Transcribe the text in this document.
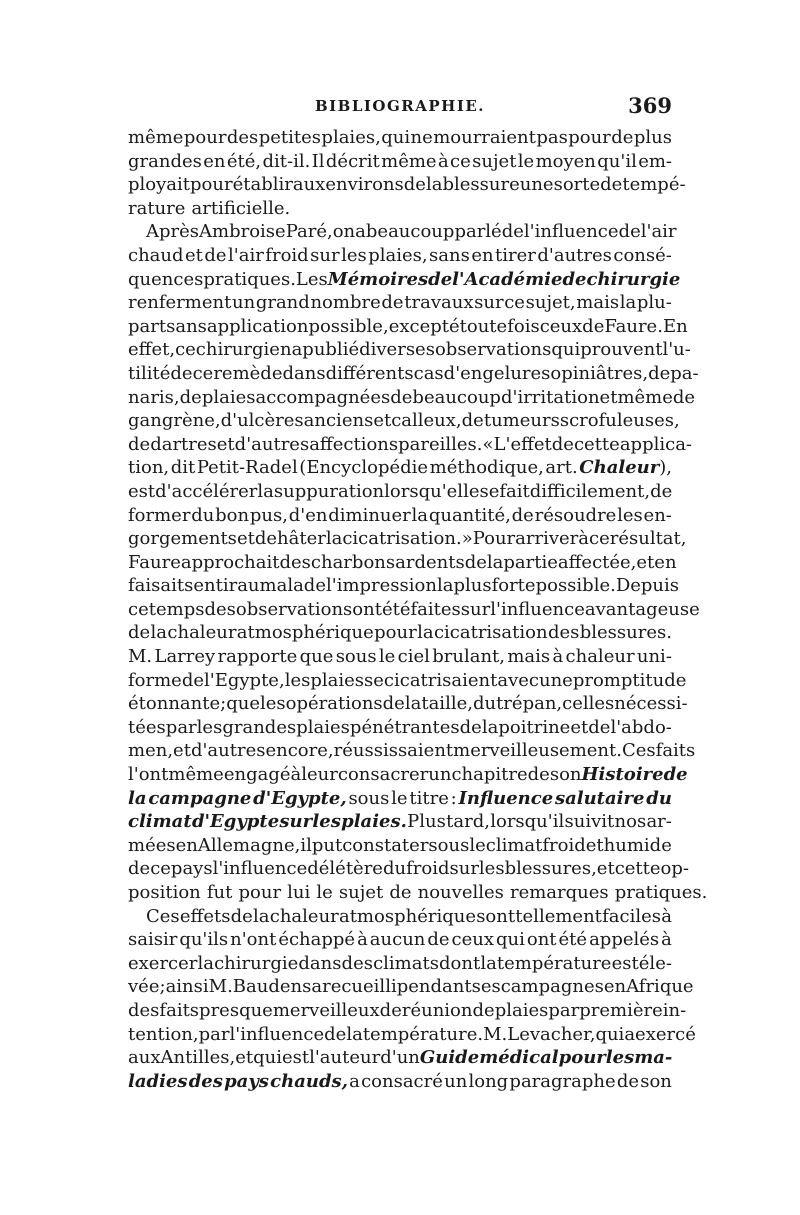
BIBLIOGRAPHIE.	369
même pour des petites plaies, qui ne mourraient pas pour de plus
grandes en été, dit-il. Il décrit même à ce sujet le moyen qu'il em-
ployait pour établir aux environs de la blessure une sorte de tempé-
rature artificielle.
Après Ambroise Paré, on a beaucoup parlé de l'influence de l'air
chaud et de l'air froid sur les plaies, sans en tirer d'autres consé-
quences pratiques. Les Mémoires de l'Académie de chirurgie
renferment un grand nombre de travaux sur ce sujet, mais la plu-
part sans application possible, excepté toutefois ceux de Faure. En
effet, ce chirurgien a publié diverses observations qui prouvent l'u-
tilité de ce remède dans différents cas d'engelures opiniâtres, de pa-
naris, de plaies accompagnées de beaucoup d'irritation et même de
gangrène, d'ulcères anciens et calleux, de tumeurs scrofuleuses,
de dartres et d'autres affections pareilles. « L'effet de cette applica-
tion, dit Petit-Radel (Encyclopédie méthodique, art. Chaleur),
est d'accélérer la suppuration lorsqu'elle se fait difficilement, de
former du bon pus, d'en diminuer la quantité, de résoudre les en-
gorgements et de hâter la cicatrisation. » Pour arriver à ce résultat,
Faure approchait des charbons ardents de la partie affectée, et en
faisait sentir au malade l'impression la plus forte possible. Depuis
ce temps des observations ont été faites sur l'influence avantageuse
de la chaleur atmosphérique pour la cicatrisation des blessures.
M. Larrey rapporte que sous le ciel brulant, mais à chaleur uni-
forme de l'Egypte, les plaies se cicatrisaient avec une promptitude
étonnante ; que les opérations de la taille, du trépan, celles nécessi-
tées par les grandes plaies pénétrantes de la poitrine et de l'abdo-
men, et d'autres encore, réussissaient merveilleusement. Ces faits
l'ont même engagé à leur consacrer un chapitre de son Histoire de
la campagne d'Egypte, sous le titre : Influence salutaire du
climat d'Egypte sur les plaies. Plus tard, lorsqu'il suivit nos ar-
mées en Allemagne, il put constater sous le climat froid et humide
de ce pays l'influence délétère du froid sur les blessures, et cette op-
position fut pour lui le sujet de nouvelles remarques pratiques.
Ces effets de la chaleur atmosphérique sont tellement faciles à
saisir qu'ils n'ont échappé à aucun de ceux qui ont été appelés à
exercer la chirurgie dans des climats dont la température est éle-
vée ; ainsi M. Baudens a recueilli pendant ses campagnes en Afrique
des faits presque merveilleux de réunion de plaies par première in-
tention, par l'influence de la température. M. Levacher, qui a exercé
aux Antilles, et qui est l'auteur d'un Guide médical pour les ma-
ladies des pays chauds, a consacré un long paragraphe de son
